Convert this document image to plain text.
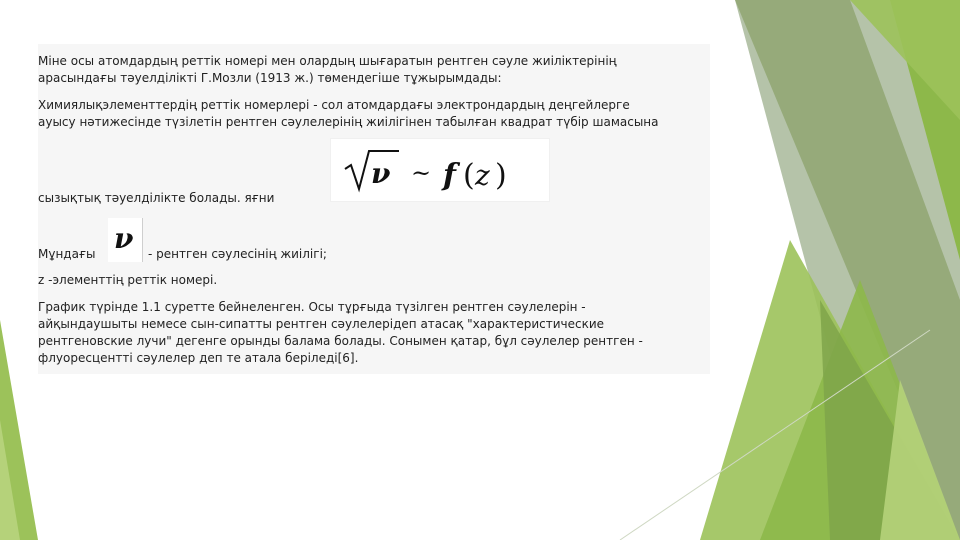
Міне осы атомдардың реттік номері мен олардың шығаратын рентген сәуле жиіліктерінің

арасындағы тәуелділікті Г.Мозли (1913 ж.) төмендегіше тұжырымдады:

Химиялықэлементтердің реттік номерлері - сол атомдардағы электрондардың деңгейлерге

ауысу нәтижесінде түзілетін рентген сәулелерінің жиілігінен табылған квадрат түбір шамасына

ν ~ f ( z )

сызықтық тәуелділікте болады. яғни

Мұндағы ν - рентген сәулесінің жиілігі;

z -элементтің реттік номері.

График түрінде 1.1 суретте бейнеленген. Осы тұрғыда түзілген рентген сәулелерін -

айқындаушыты немесе сын-сипатты рентген сәулелерідеп атасақ "характеристические

рентгеновские лучи" дегенге орынды балама болады. Сонымен қатар, бұл сәулелер рентген -

флуоресценттi сәулелер деп те атала беріледі[6].
